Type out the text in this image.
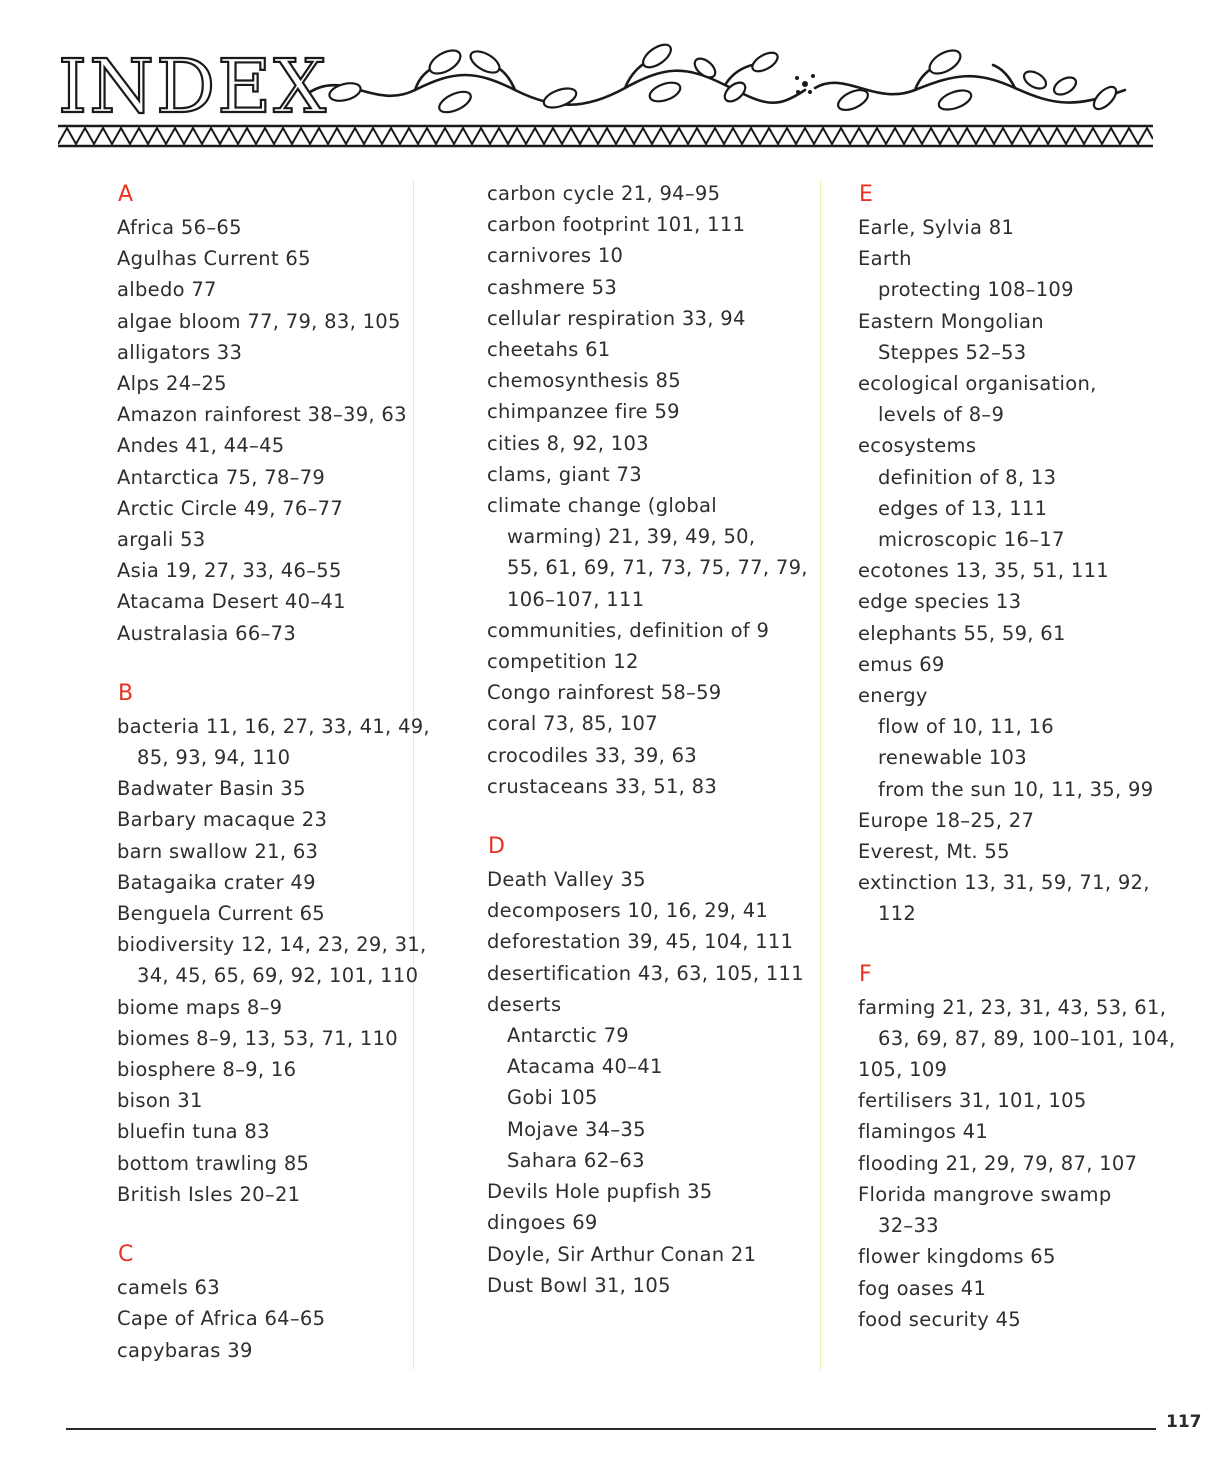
INDEX
A
Africa 56–65
Agulhas Current 65
albedo 77
algae bloom 77, 79, 83, 105
alligators 33
Alps 24–25
Amazon rainforest 38–39, 63
Andes 41, 44–45
Antarctica 75, 78–79
Arctic Circle 49, 76–77
argali 53
Asia 19, 27, 33, 46–55
Atacama Desert 40–41
Australasia 66–73
B
bacteria 11, 16, 27, 33, 41, 49,
85, 93, 94, 110
Badwater Basin 35
Barbary macaque 23
barn swallow 21, 63
Batagaika crater 49
Benguela Current 65
biodiversity 12, 14, 23, 29, 31,
34, 45, 65, 69, 92, 101, 110
biome maps 8–9
biomes 8–9, 13, 53, 71, 110
biosphere 8–9, 16
bison 31
bluefin tuna 83
bottom trawling 85
British Isles 20–21
C
camels 63
Cape of Africa 64–65
capybaras 39
carbon cycle 21, 94–95
carbon footprint 101, 111
carnivores 10
cashmere 53
cellular respiration 33, 94
cheetahs 61
chemosynthesis 85
chimpanzee fire 59
cities 8, 92, 103
clams, giant 73
climate change (global
warming) 21, 39, 49, 50,
55, 61, 69, 71, 73, 75, 77, 79,
106–107, 111
communities, definition of 9
competition 12
Congo rainforest 58–59
coral 73, 85, 107
crocodiles 33, 39, 63
crustaceans 33, 51, 83
D
Death Valley 35
decomposers 10, 16, 29, 41
deforestation 39, 45, 104, 111
desertification 43, 63, 105, 111
deserts
Antarctic 79
Atacama 40–41
Gobi 105
Mojave 34–35
Sahara 62–63
Devils Hole pupfish 35
dingoes 69
Doyle, Sir Arthur Conan 21
Dust Bowl 31, 105
E
Earle, Sylvia 81
Earth
protecting 108–109
Eastern Mongolian
Steppes 52–53
ecological organisation,
levels of 8–9
ecosystems
definition of 8, 13
edges of 13, 111
microscopic 16–17
ecotones 13, 35, 51, 111
edge species 13
elephants 55, 59, 61
emus 69
energy
flow of 10, 11, 16
renewable 103
from the sun 10, 11, 35, 99
Europe 18–25, 27
Everest, Mt. 55
extinction 13, 31, 59, 71, 92,
112
F
farming 21, 23, 31, 43, 53, 61,
63, 69, 87, 89, 100–101, 104,
105, 109
fertilisers 31, 101, 105
flamingos 41
flooding 21, 29, 79, 87, 107
Florida mangrove swamp
32–33
flower kingdoms 65
fog oases 41
food security 45
117
